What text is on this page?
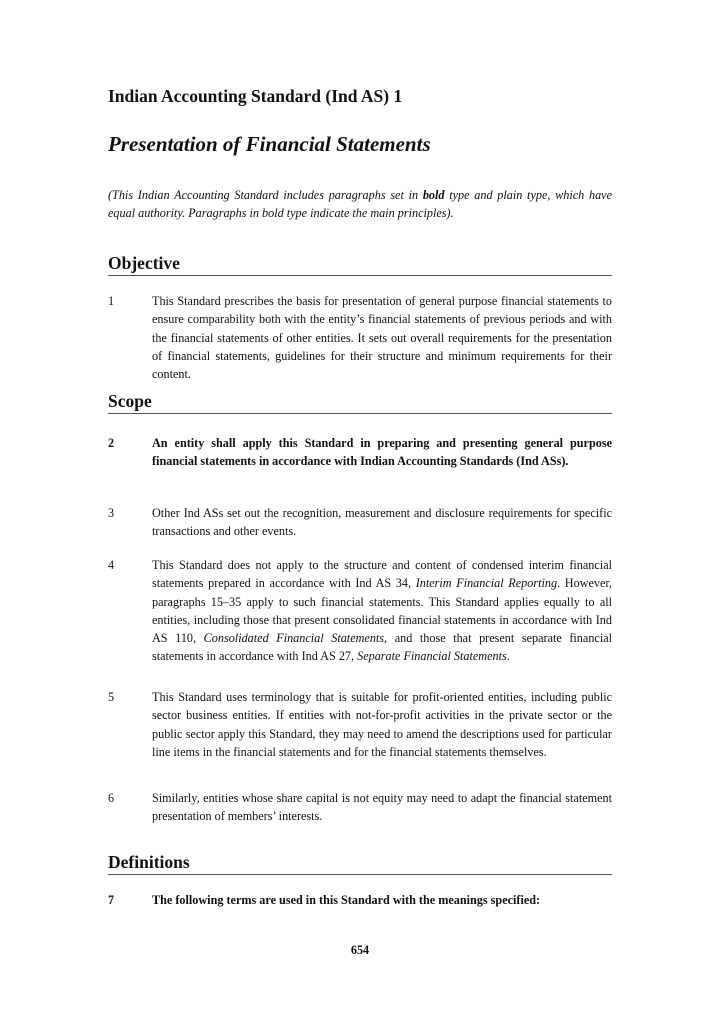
Indian Accounting Standard (Ind AS) 1
Presentation of Financial Statements
(This Indian Accounting Standard includes paragraphs set in bold type and plain type, which have equal authority. Paragraphs in bold type indicate the main principles).
Objective
1	This Standard prescribes the basis for presentation of general purpose financial statements to ensure comparability both with the entity’s financial statements of previous periods and with the financial statements of other entities. It sets out overall requirements for the presentation of financial statements, guidelines for their structure and minimum requirements for their content.
Scope
2	An entity shall apply this Standard in preparing and presenting general purpose financial statements in accordance with Indian Accounting Standards (Ind ASs).
3	Other Ind ASs set out the recognition, measurement and disclosure requirements for specific transactions and other events.
4	This Standard does not apply to the structure and content of condensed interim financial statements prepared in accordance with Ind AS 34, Interim Financial Reporting. However, paragraphs 15–35 apply to such financial statements. This Standard applies equally to all entities, including those that present consolidated financial statements in accordance with Ind AS 110, Consolidated Financial Statements, and those that present separate financial statements in accordance with Ind AS 27, Separate Financial Statements.
5	This Standard uses terminology that is suitable for profit-oriented entities, including public sector business entities. If entities with not-for-profit activities in the private sector or the public sector apply this Standard, they may need to amend the descriptions used for particular line items in the financial statements and for the financial statements themselves.
6	Similarly, entities whose share capital is not equity may need to adapt the financial statement presentation of members’ interests.
Definitions
7	The following terms are used in this Standard with the meanings specified:
654
